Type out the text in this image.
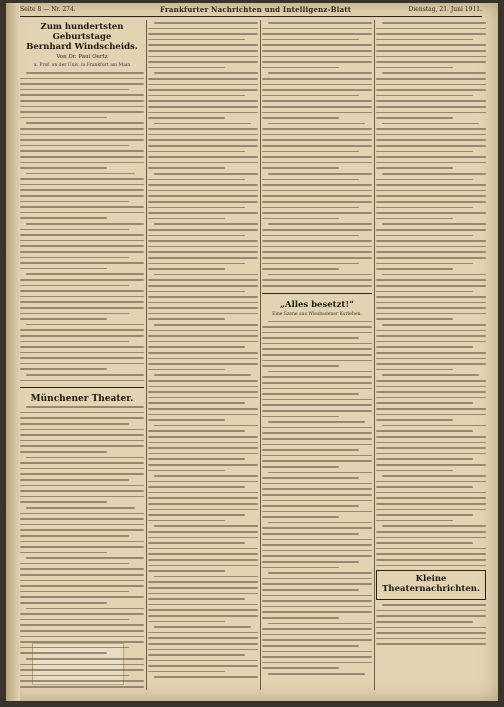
Seite 8 — Nr. 274.	Frankfurter Nachrichten und Intelligenz-Blatt	Dienstag, 21. Juni 1911.
Zum hundertsten Geburtstage
Bernhard Windscheids.
Von Dr. Paul Oertz
a. Prof. an der Univ. in Frankfurt am Main
Münchener Theater.
„Alles besetzt!“
Eine Szene aus Wiesbadener Kurleben.
Kleine Theaternachrichten.
